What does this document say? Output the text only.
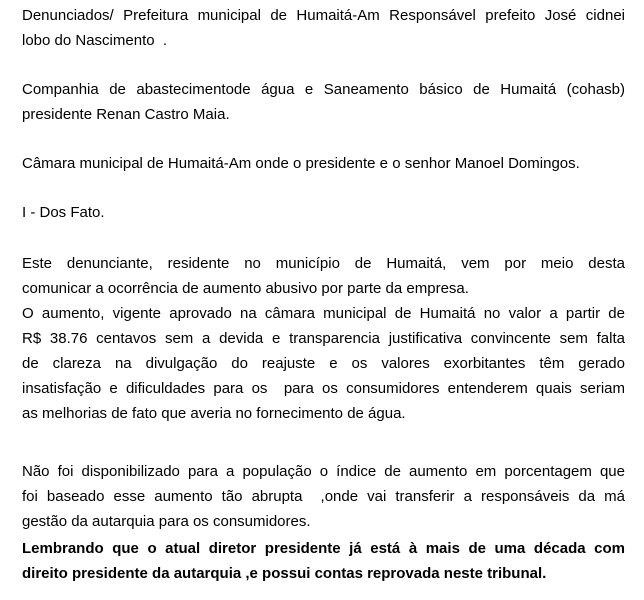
Denunciados/ Prefeitura municipal de Humaitá-Am Responsável prefeito José cidnei
lobo do Nascimento  .

Companhia de abastecimentode água e Saneamento básico de Humaitá (cohasb)
presidente Renan Castro Maia.

Câmara municipal de Humaitá-Am onde o presidente e o senhor Manoel Domingos.

I - Dos Fato.

Este denunciante, residente no município de Humaitá, vem por meio desta
comunicar a ocorrência de aumento abusivo por parte da empresa.

O aumento, vigente aprovado na câmara municipal de Humaitá no valor a partir de
R$ 38.76 centavos sem a devida e transparencia justificativa convincente sem falta
de clareza na divulgação do reajuste e os valores exorbitantes têm gerado
insatisfação e dificuldades para os  para os consumidores entenderem quais seriam
as melhorias de fato que averia no fornecimento de água.

Não foi disponibilizado para a população o índice de aumento em porcentagem que
foi baseado esse aumento tão abrupta  ,onde vai transferir a responsáveis da má
gestão da autarquia para os consumidores.

Lembrando que o atual diretor presidente já está à mais de uma década com
direito presidente da autarquia ,e possui contas reprovada neste tribunal.
